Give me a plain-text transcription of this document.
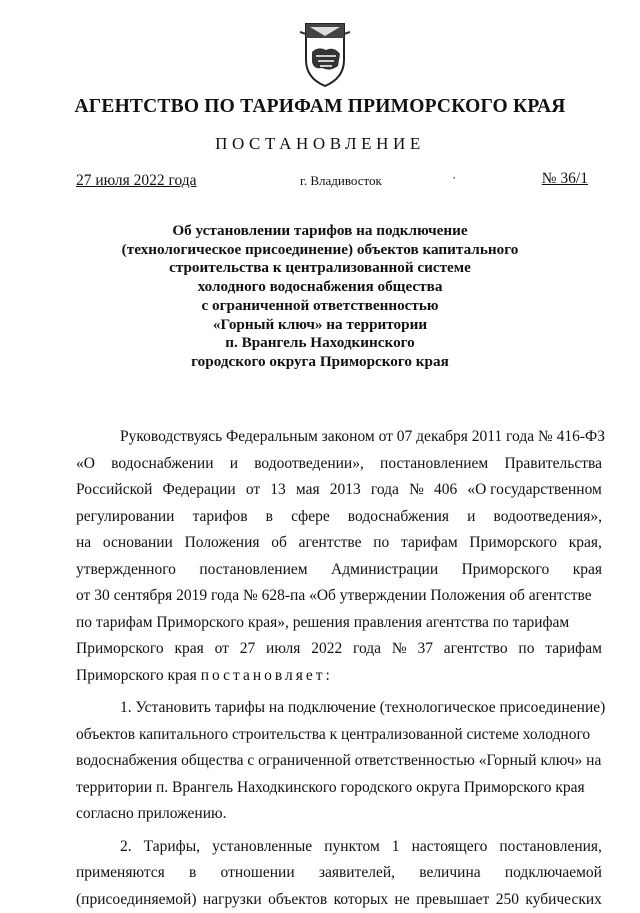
АГЕНТСТВО ПО ТАРИФАМ ПРИМОРСКОГО КРАЯ
ПОСТАНОВЛЕНИЕ
27 июля 2022 года	г. Владивосток	·	№ 36/1
Об установлении тарифов на подключение
(технологическое присоединение) объектов капитального
строительства к централизованной системе
холодного водоснабжения общества
с ограниченной ответственностью
«Горный ключ» на территории
п. Врангель Находкинского
городского округа Приморского края
Руководствуясь Федеральным законом от 07 декабря 2011 года № 416-ФЗ
«О водоснабжении и водоотведении», постановлением Правительства
Российской Федерации от 13 мая 2013 года № 406 «О государственном
регулировании тарифов в сфере водоснабжения и водоотведения»,
на основании Положения об агентстве по тарифам Приморского края,
утвержденного постановлением Администрации Приморского края
от 30 сентября 2019 года № 628-па «Об утверждении Положения об агентстве
по тарифам Приморского края», решения правления агентства по тарифам
Приморского края от 27 июля 2022 года № 37 агентство по тарифам
Приморского края постановляет:
1. Установить тарифы на подключение (технологическое присоединение)
объектов капитального строительства к централизованной системе холодного
водоснабжения общества с ограниченной ответственностью «Горный ключ» на
территории п. Врангель Находкинского городского округа Приморского края
согласно приложению.
2. Тарифы, установленные пунктом 1 настоящего постановления,
применяются в отношении заявителей, величина подключаемой
(присоединяемой) нагрузки объектов которых не превышает 250 кубических
